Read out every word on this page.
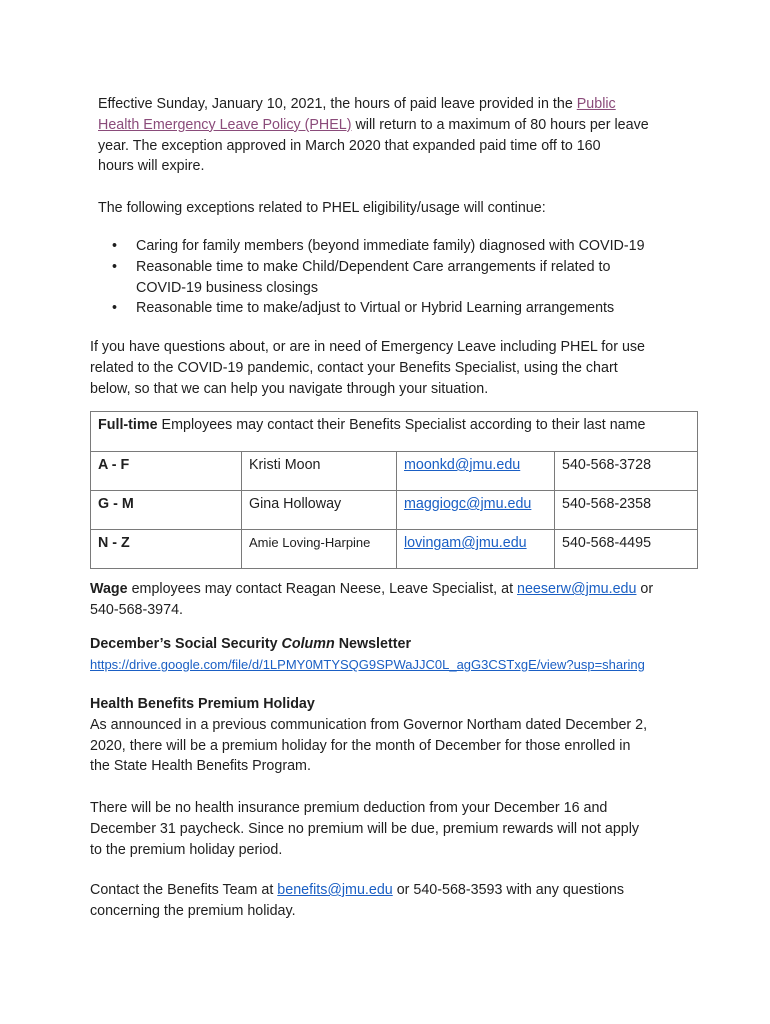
Effective Sunday, January 10, 2021, the hours of paid leave provided in the Public
Health Emergency Leave Policy (PHEL) will return to a maximum of 80 hours per leave
year. The exception approved in March 2020 that expanded paid time off to 160
hours will expire.
The following exceptions related to PHEL eligibility/usage will continue:
• Caring for family members (beyond immediate family) diagnosed with COVID-19
• Reasonable time to make Child/Dependent Care arrangements if related to
COVID-19 business closings
• Reasonable time to make/adjust to Virtual or Hybrid Learning arrangements
If you have questions about, or are in need of Emergency Leave including PHEL for use
related to the COVID-19 pandemic, contact your Benefits Specialist, using the chart
below, so that we can help you navigate through your situation.
Full-time Employees may contact their Benefits Specialist according to their last name			
A - F	Kristi Moon	moonkd@jmu.edu	540-568-3728
G - M	Gina Holloway	maggiogc@jmu.edu	540-568-2358
N - Z	Amie Loving-Harpine	lovingam@jmu.edu	540-568-4495
Wage employees may contact Reagan Neese, Leave Specialist, at neeserw@jmu.edu or
540-568-3974.
December’s Social Security Column Newsletter
https://drive.google.com/file/d/1LPMY0MTYSQG9SPWaJJC0L_agG3CSTxgE/view?usp=sharing
Health Benefits Premium Holiday
As announced in a previous communication from Governor Northam dated December 2,
2020, there will be a premium holiday for the month of December for those enrolled in
the State Health Benefits Program.
There will be no health insurance premium deduction from your December 16 and
December 31 paycheck. Since no premium will be due, premium rewards will not apply
to the premium holiday period.
Contact the Benefits Team at benefits@jmu.edu or 540-568-3593 with any questions
concerning the premium holiday.
